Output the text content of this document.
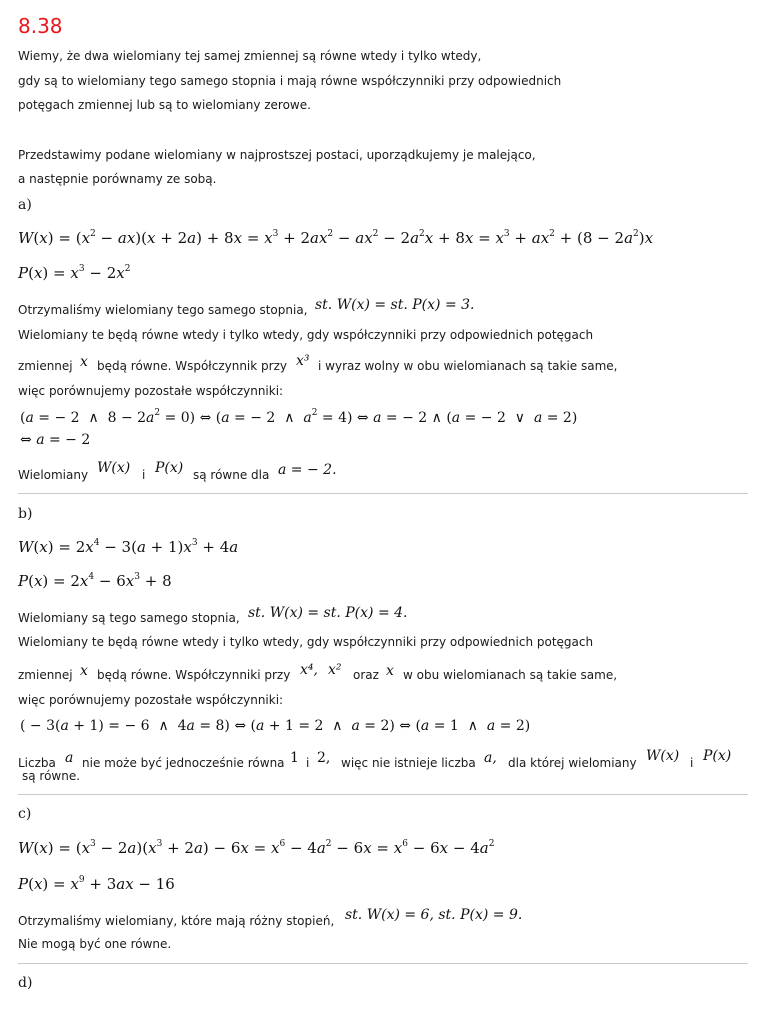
8.38
Wiemy, że dwa wielomiany tej samej zmiennej są równe wtedy i tylko wtedy,
gdy są to wielomiany tego samego stopnia i mają równe współczynniki przy odpowiednich
potęgach zmiennej lub są to wielomiany zerowe.
Przedstawimy podane wielomiany w najprostszej postaci, uporządkujemy je malejąco,
a następnie porównamy ze sobą.
a)
$W(x) = (x^2 - ax)(x + 2a) + 8x = x^3 + 2ax^2 - ax^2 - 2a^2x + 8x = x^3 + ax^2 + (8 - 2a^2)x$
$P(x) = x^3 - 2x^2$
Otrzymaliśmy wielomiany tego samego stopnia, st. W(x) = st. P(x) = 3.
Wielomiany te będą równe wtedy i tylko wtedy, gdy współczynniki przy odpowiednich potęgach
zmiennej x będą równe. Współczynnik przy x³ i wyraz wolny w obu wielomianach są takie same,
więc porównujemy pozostałe współczynniki:
(a = − 2  ∧  $8 - 2a^2 = 0$) ⇔ (a = − 2  ∧  $a^2 = 4$) ⇔ a = − 2 ∧ (a = − 2  ∨  a = 2)
⇔ a = − 2
Wielomiany W(x) i P(x) są równe dla a = − 2.
b)
$W(x) = 2x^4 - 3(a + 1)x^3 + 4a$
$P(x) = 2x^4 - 6x^3 + 8$
Wielomiany są tego samego stopnia, st. W(x) = st. P(x) = 4.
Wielomiany te będą równe wtedy i tylko wtedy, gdy współczynniki przy odpowiednich potęgach
zmiennej x będą równe. Współczynniki przy x⁴, x² oraz x w obu wielomianach są takie same,
więc porównujemy pozostałe współczynniki:
( − 3(a + 1) = − 6  ∧  4a = 8) ⇔ (a + 1 = 2  ∧  a = 2) ⇔ (a = 1  ∧  a = 2)
Liczba a nie może być jednocześnie równa 1 i 2, więc nie istnieje liczba a, dla której wielomiany W(x) i P(x)
są równe.
c)
$W(x) = (x^3 - 2a)(x^3 + 2a) - 6x = x^6 - 4a^2 - 6x = x^6 - 6x - 4a^2$
$P(x) = x^9 + 3ax - 16$
Otrzymaliśmy wielomiany, które mają różny stopień, st. W(x) = 6, st. P(x) = 9.
Nie mogą być one równe.
d)
